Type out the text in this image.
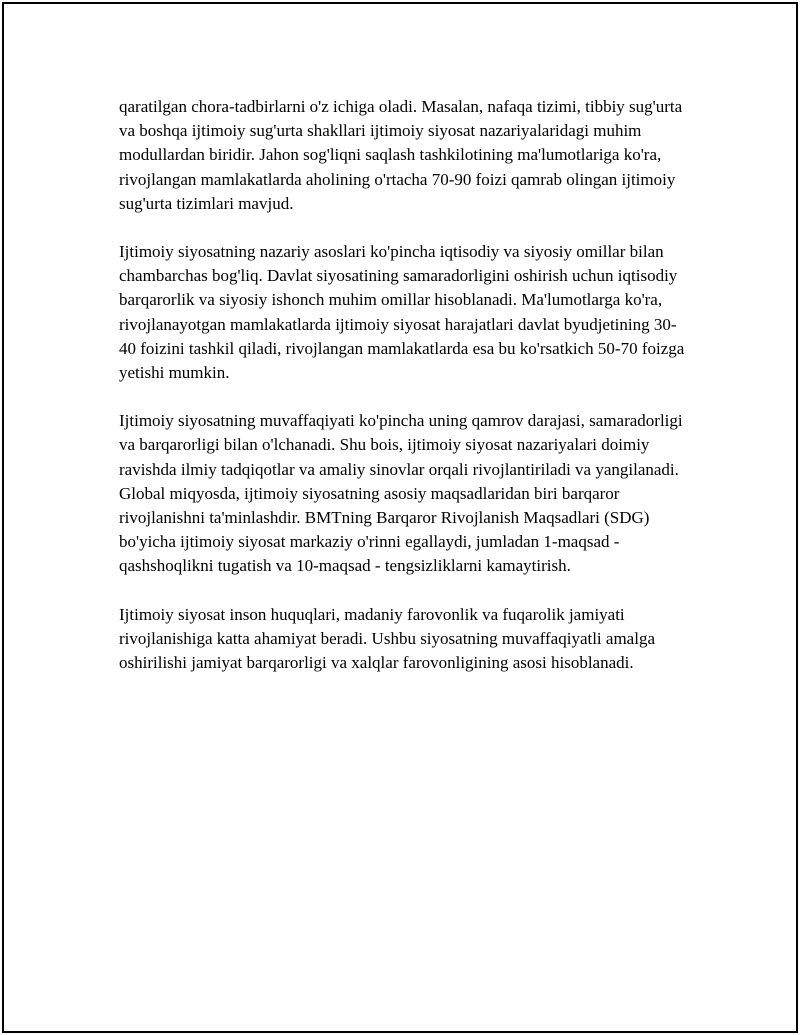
qaratilgan chora-tadbirlarni o'z ichiga oladi. Masalan, nafaqa tizimi, tibbiy sug'urta va boshqa ijtimoiy sug'urta shakllari ijtimoiy siyosat nazariyalaridagi muhim modullardan biridir. Jahon sog'liqni saqlash tashkilotining ma'lumotlariga ko'ra, rivojlangan mamlakatlarda aholining o'rtacha 70-90 foizi qamrab olingan ijtimoiy sug'urta tizimlari mavjud.

Ijtimoiy siyosatning nazariy asoslari ko'pincha iqtisodiy va siyosiy omillar bilan chambarchas bog'liq. Davlat siyosatining samaradorligini oshirish uchun iqtisodiy barqarorlik va siyosiy ishonch muhim omillar hisoblanadi. Ma'lumotlarga ko'ra, rivojlanayotgan mamlakatlarda ijtimoiy siyosat harajatlari davlat byudjetining 30-40 foizini tashkil qiladi, rivojlangan mamlakatlarda esa bu ko'rsatkich 50-70 foizga yetishi mumkin.

Ijtimoiy siyosatning muvaffaqiyati ko'pincha uning qamrov darajasi, samaradorligi va barqarorligi bilan o'lchanadi. Shu bois, ijtimoiy siyosat nazariyalari doimiy ravishda ilmiy tadqiqotlar va amaliy sinovlar orqali rivojlantiriladi va yangilanadi. Global miqyosda, ijtimoiy siyosatning asosiy maqsadlaridan biri barqaror rivojlanishni ta'minlashdir. BMTning Barqaror Rivojlanish Maqsadlari (SDG) bo'yicha ijtimoiy siyosat markaziy o'rinni egallaydi, jumladan 1-maqsad - qashshoqlikni tugatish va 10-maqsad - tengsizliklarni kamaytirish.

Ijtimoiy siyosat inson huquqlari, madaniy farovonlik va fuqarolik jamiyati rivojlanishiga katta ahamiyat beradi. Ushbu siyosatning muvaffaqiyatli amalga oshirilishi jamiyat barqarorligi va xalqlar farovonligining asosi hisoblanadi.
